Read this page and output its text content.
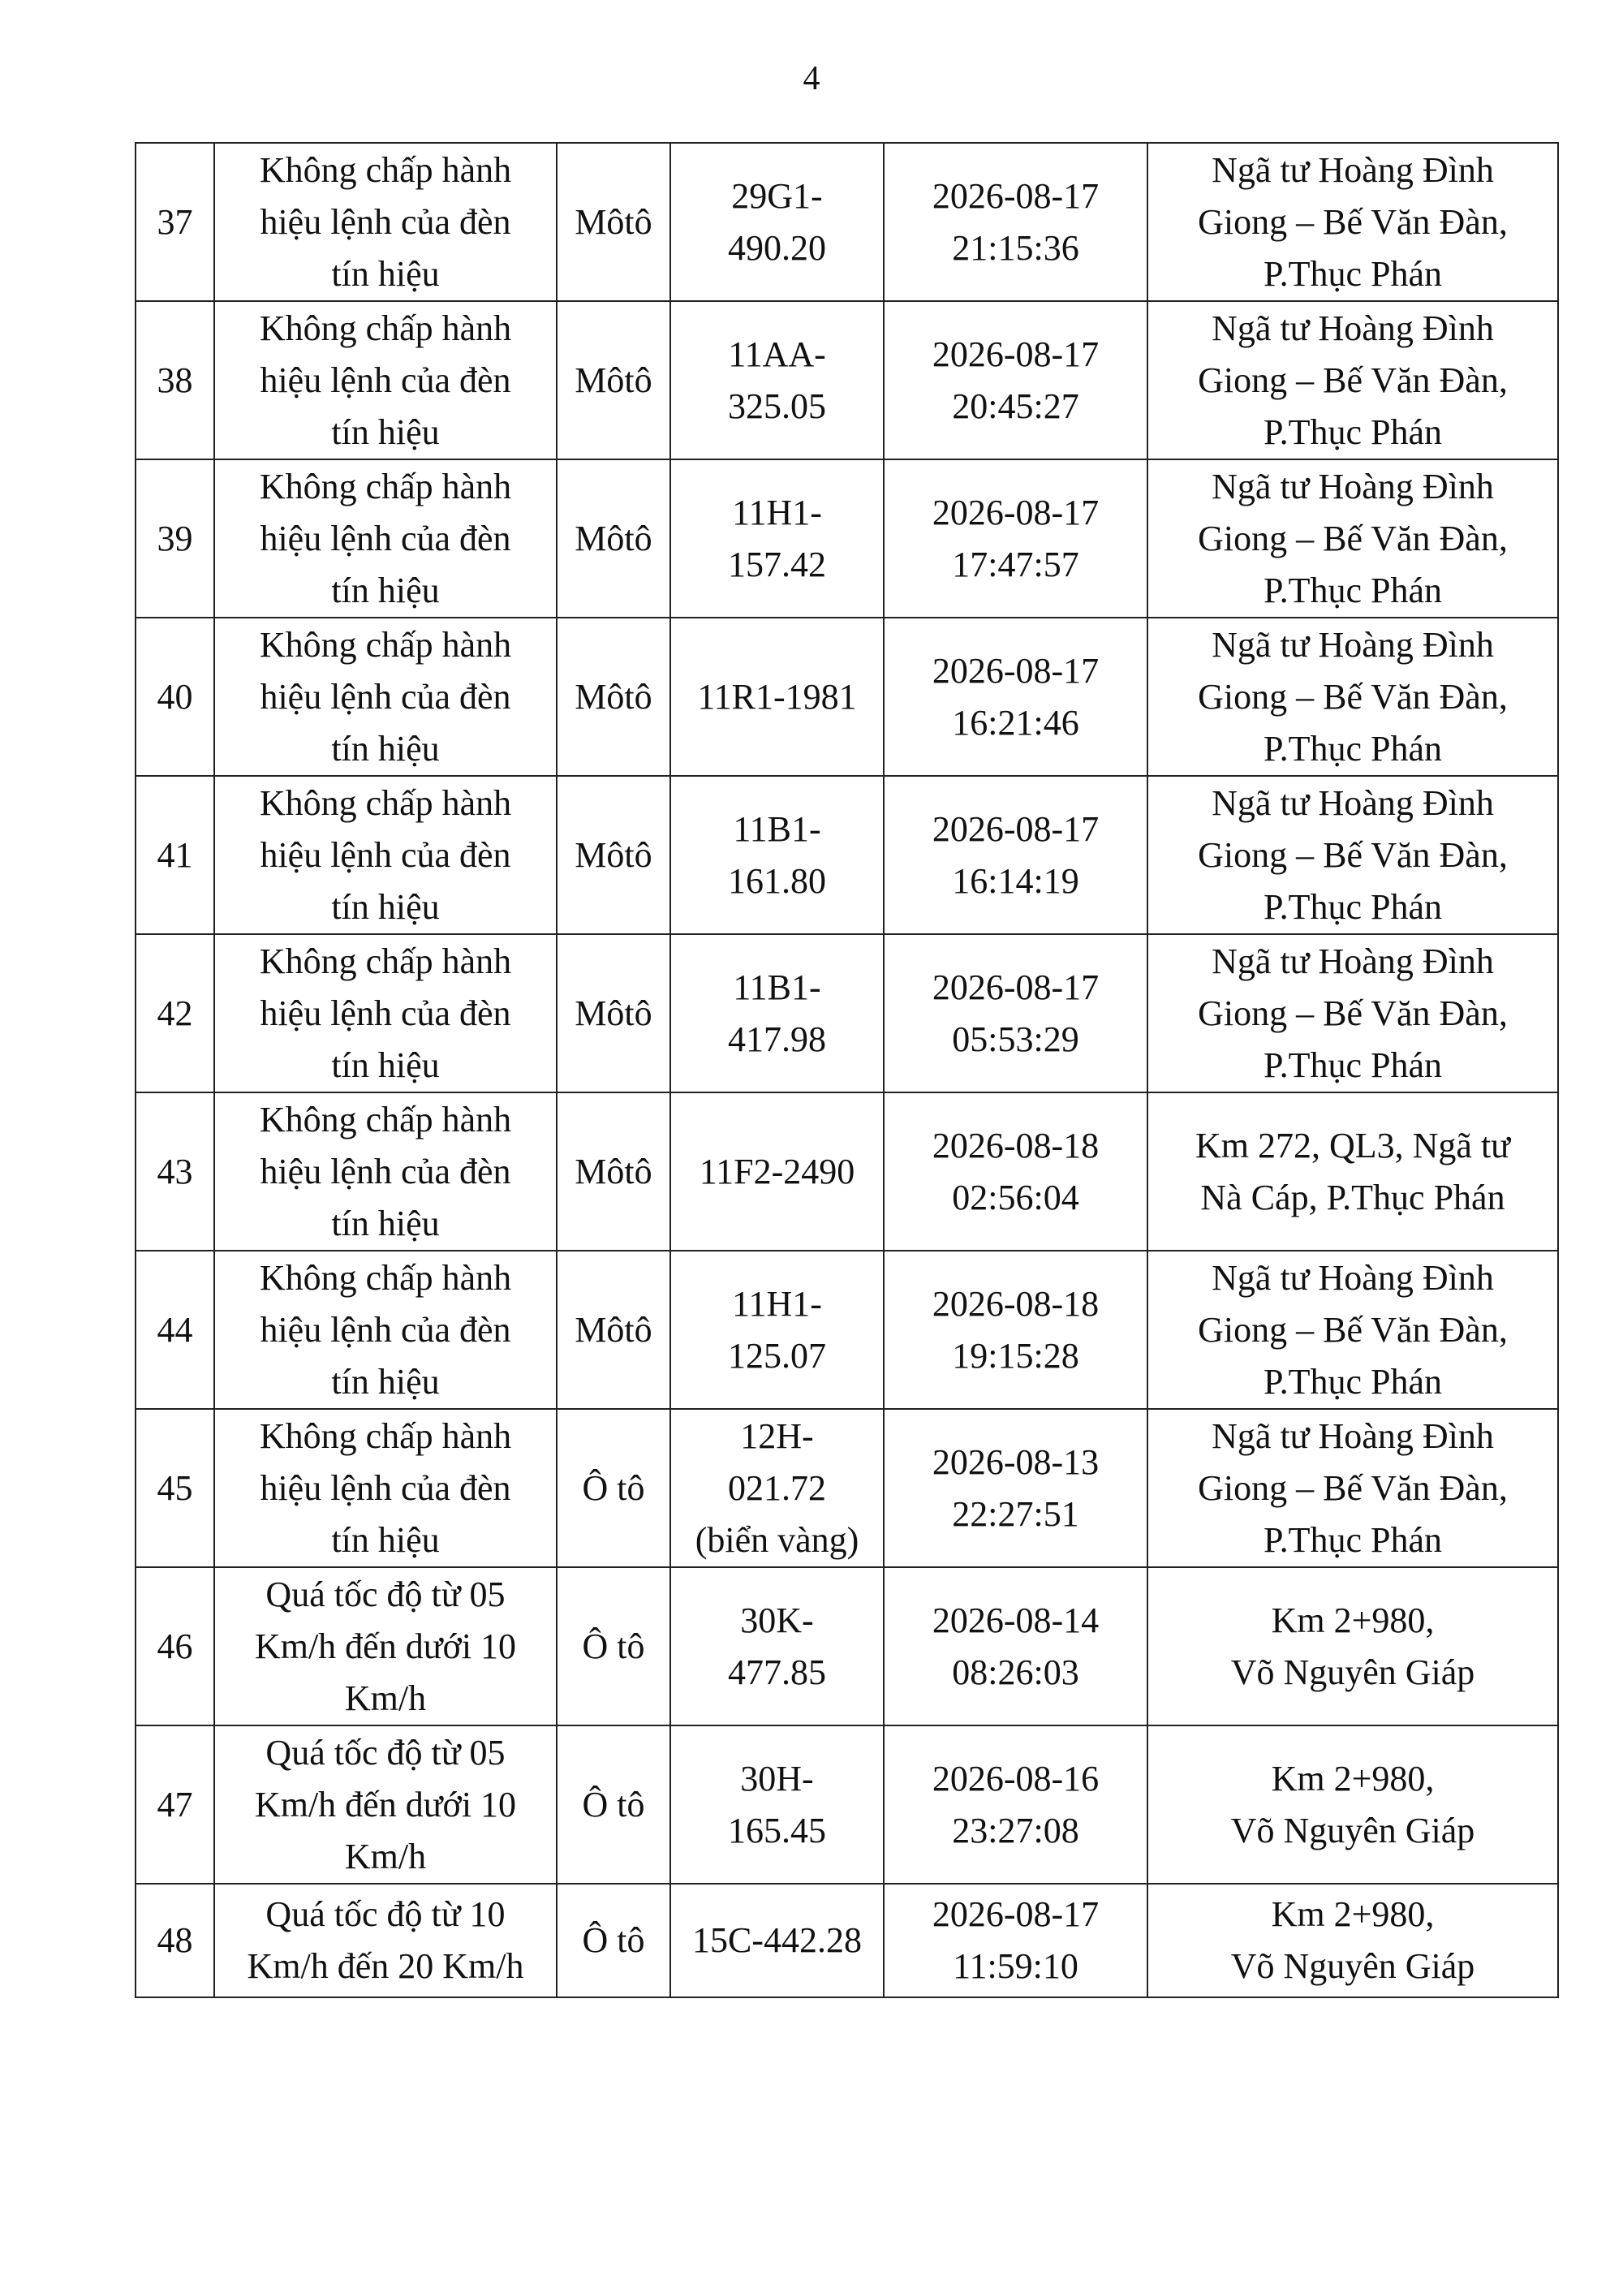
4
37	Không chấp hành
hiệu lệnh của đèn
tín hiệu	Môtô	29G1-
490.20	2026-08-17
21:15:36	Ngã tư Hoàng Đình
Giong – Bế Văn Đàn,
P.Thục Phán
38	Không chấp hành
hiệu lệnh của đèn
tín hiệu	Môtô	11AA-
325.05	2026-08-17
20:45:27	Ngã tư Hoàng Đình
Giong – Bế Văn Đàn,
P.Thục Phán
39	Không chấp hành
hiệu lệnh của đèn
tín hiệu	Môtô	11H1-
157.42	2026-08-17
17:47:57	Ngã tư Hoàng Đình
Giong – Bế Văn Đàn,
P.Thục Phán
40	Không chấp hành
hiệu lệnh của đèn
tín hiệu	Môtô	11R1-1981	2026-08-17
16:21:46	Ngã tư Hoàng Đình
Giong – Bế Văn Đàn,
P.Thục Phán
41	Không chấp hành
hiệu lệnh của đèn
tín hiệu	Môtô	11B1-
161.80	2026-08-17
16:14:19	Ngã tư Hoàng Đình
Giong – Bế Văn Đàn,
P.Thục Phán
42	Không chấp hành
hiệu lệnh của đèn
tín hiệu	Môtô	11B1-
417.98	2026-08-17
05:53:29	Ngã tư Hoàng Đình
Giong – Bế Văn Đàn,
P.Thục Phán
43	Không chấp hành
hiệu lệnh của đèn
tín hiệu	Môtô	11F2-2490	2026-08-18
02:56:04	Km 272, QL3, Ngã tư
Nà Cáp, P.Thục Phán
44	Không chấp hành
hiệu lệnh của đèn
tín hiệu	Môtô	11H1-
125.07	2026-08-18
19:15:28	Ngã tư Hoàng Đình
Giong – Bế Văn Đàn,
P.Thục Phán
45	Không chấp hành
hiệu lệnh của đèn
tín hiệu	Ô tô	12H-
021.72
(biển vàng)	2026-08-13
22:27:51	Ngã tư Hoàng Đình
Giong – Bế Văn Đàn,
P.Thục Phán
46	Quá tốc độ từ 05
Km/h đến dưới 10
Km/h	Ô tô	30K-
477.85	2026-08-14
08:26:03	Km 2+980,
Võ Nguyên Giáp
47	Quá tốc độ từ 05
Km/h đến dưới 10
Km/h	Ô tô	30H-
165.45	2026-08-16
23:27:08	Km 2+980,
Võ Nguyên Giáp
48	Quá tốc độ từ 10
Km/h đến 20 Km/h	Ô tô	15C-442.28	2026-08-17
11:59:10	Km 2+980,
Võ Nguyên Giáp
